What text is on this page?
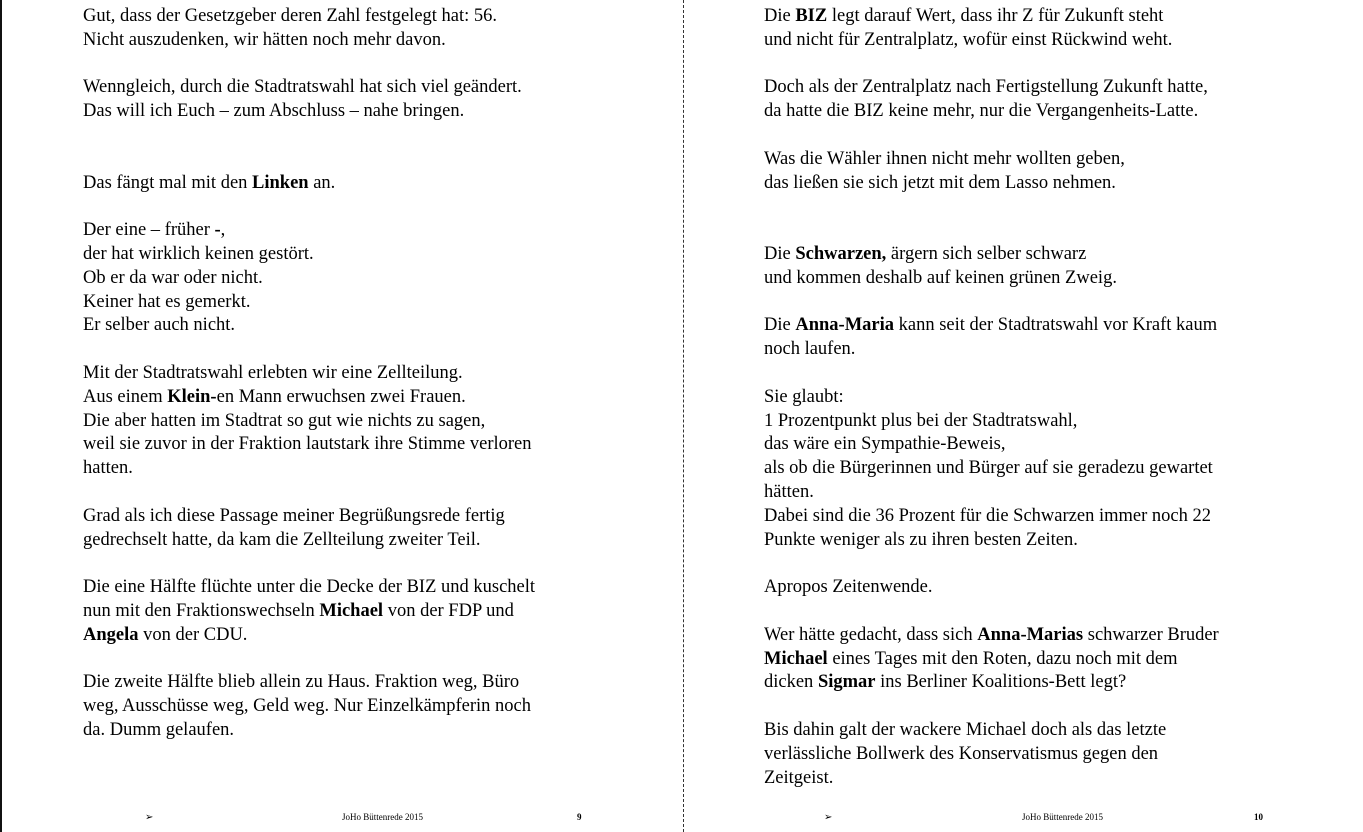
Gut, dass der Gesetzgeber deren Zahl festgelegt hat: 56.
Nicht auszudenken, wir hätten noch mehr davon.
Wenngleich, durch die Stadtratswahl hat sich viel geändert.
Das will ich Euch – zum Abschluss – nahe bringen.
Das fängt mal mit den Linken an.
Der eine – früher -,
der hat wirklich keinen gestört.
Ob er da war oder nicht.
Keiner hat es gemerkt.
Er selber auch nicht.
Mit der Stadtratswahl erlebten wir eine Zellteilung.
Aus einem Klein-en Mann erwuchsen zwei Frauen.
Die aber hatten im Stadtrat so gut wie nichts zu sagen,
weil sie zuvor in der Fraktion lautstark ihre Stimme verloren
hatten.
Grad als ich diese Passage meiner Begrüßungsrede fertig
gedrechselt hatte, da kam die Zellteilung zweiter Teil.
Die eine Hälfte flüchte unter die Decke der BIZ und kuschelt
nun mit den Fraktionswechseln Michael von der FDP und
Angela von der CDU.
Die zweite Hälfte blieb allein zu Haus. Fraktion weg, Büro
weg, Ausschüsse weg, Geld weg. Nur Einzelkämpferin noch
da. Dumm gelaufen.
Die BIZ legt darauf Wert, dass ihr Z für Zukunft steht
und nicht für Zentralplatz, wofür einst Rückwind weht.
Doch als der Zentralplatz nach Fertigstellung Zukunft hatte,
da hatte die BIZ keine mehr, nur die Vergangenheits-Latte.
Was die Wähler ihnen nicht mehr wollten geben,
das ließen sie sich jetzt mit dem Lasso nehmen.
Die Schwarzen, ärgern sich selber schwarz
und kommen deshalb auf keinen grünen Zweig.
Die Anna-Maria kann seit der Stadtratswahl vor Kraft kaum
noch laufen.
Sie glaubt:
1 Prozentpunkt plus bei der Stadtratswahl,
das wäre ein Sympathie-Beweis,
als ob die Bürgerinnen und Bürger auf sie geradezu gewartet
hätten.
Dabei sind die 36 Prozent für die Schwarzen immer noch 22
Punkte weniger als zu ihren besten Zeiten.
Apropos Zeitenwende.
Wer hätte gedacht, dass sich Anna-Marias schwarzer Bruder
Michael eines Tages mit den Roten, dazu noch mit dem
dicken Sigmar ins Berliner Koalitions-Bett legt?
Bis dahin galt der wackere Michael doch als das letzte
verlässliche Bollwerk des Konservatismus gegen den
Zeitgeist.
➢	JoHo Büttenrede 2015	9	➢	JoHo Büttenrede 2015	10
